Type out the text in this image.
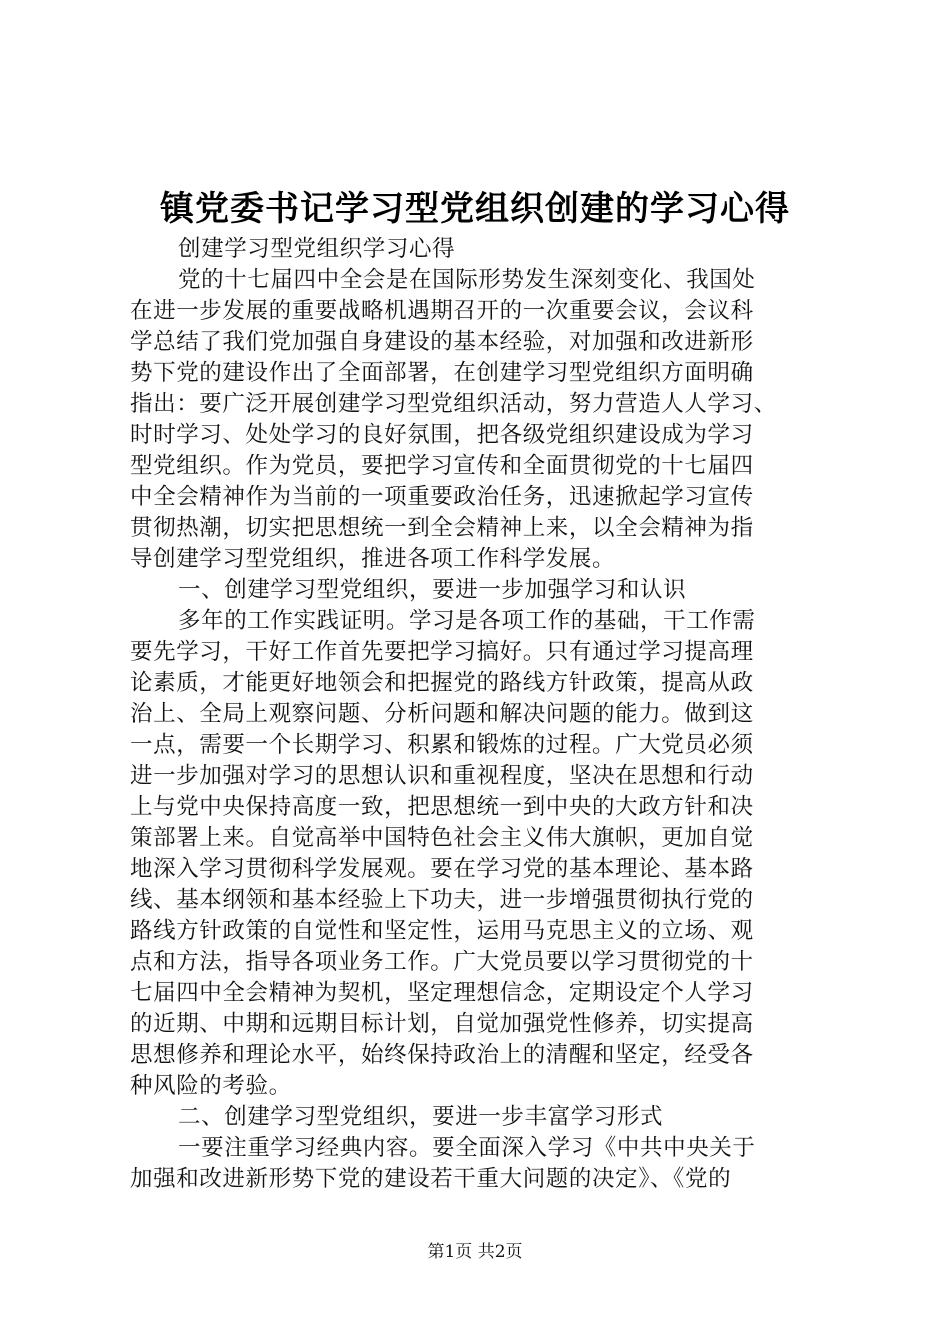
镇党委书记学习型党组织创建的学习心得
创建学习型党组织学习心得
党的十七届四中全会是在国际形势发生深刻变化、我国处
在进一步发展的重要战略机遇期召开的一次重要会议，会议科
学总结了我们党加强自身建设的基本经验，对加强和改进新形
势下党的建设作出了全面部署，在创建学习型党组织方面明确
指出：要广泛开展创建学习型党组织活动，努力营造人人学习、
时时学习、处处学习的良好氛围，把各级党组织建设成为学习
型党组织。作为党员，要把学习宣传和全面贯彻党的十七届四
中全会精神作为当前的一项重要政治任务，迅速掀起学习宣传
贯彻热潮，切实把思想统一到全会精神上来，以全会精神为指
导创建学习型党组织，推进各项工作科学发展。
一、创建学习型党组织，要进一步加强学习和认识
多年的工作实践证明。学习是各项工作的基础，干工作需
要先学习，干好工作首先要把学习搞好。只有通过学习提高理
论素质，才能更好地领会和把握党的路线方针政策，提高从政
治上、全局上观察问题、分析问题和解决问题的能力。做到这
一点，需要一个长期学习、积累和锻炼的过程。广大党员必须
进一步加强对学习的思想认识和重视程度，坚决在思想和行动
上与党中央保持高度一致，把思想统一到中央的大政方针和决
策部署上来。自觉高举中国特色社会主义伟大旗帜，更加自觉
地深入学习贯彻科学发展观。要在学习党的基本理论、基本路
线、基本纲领和基本经验上下功夫，进一步增强贯彻执行党的
路线方针政策的自觉性和坚定性，运用马克思主义的立场、观
点和方法，指导各项业务工作。广大党员要以学习贯彻党的十
七届四中全会精神为契机，坚定理想信念，定期设定个人学习
的近期、中期和远期目标计划，自觉加强党性修养，切实提高
思想修养和理论水平，始终保持政治上的清醒和坚定，经受各
种风险的考验。
二、创建学习型党组织，要进一步丰富学习形式
一要注重学习经典内容。要全面深入学习《中共中央关于
加强和改进新形势下党的建设若干重大问题的决定》、《党的
第1页 共2页
